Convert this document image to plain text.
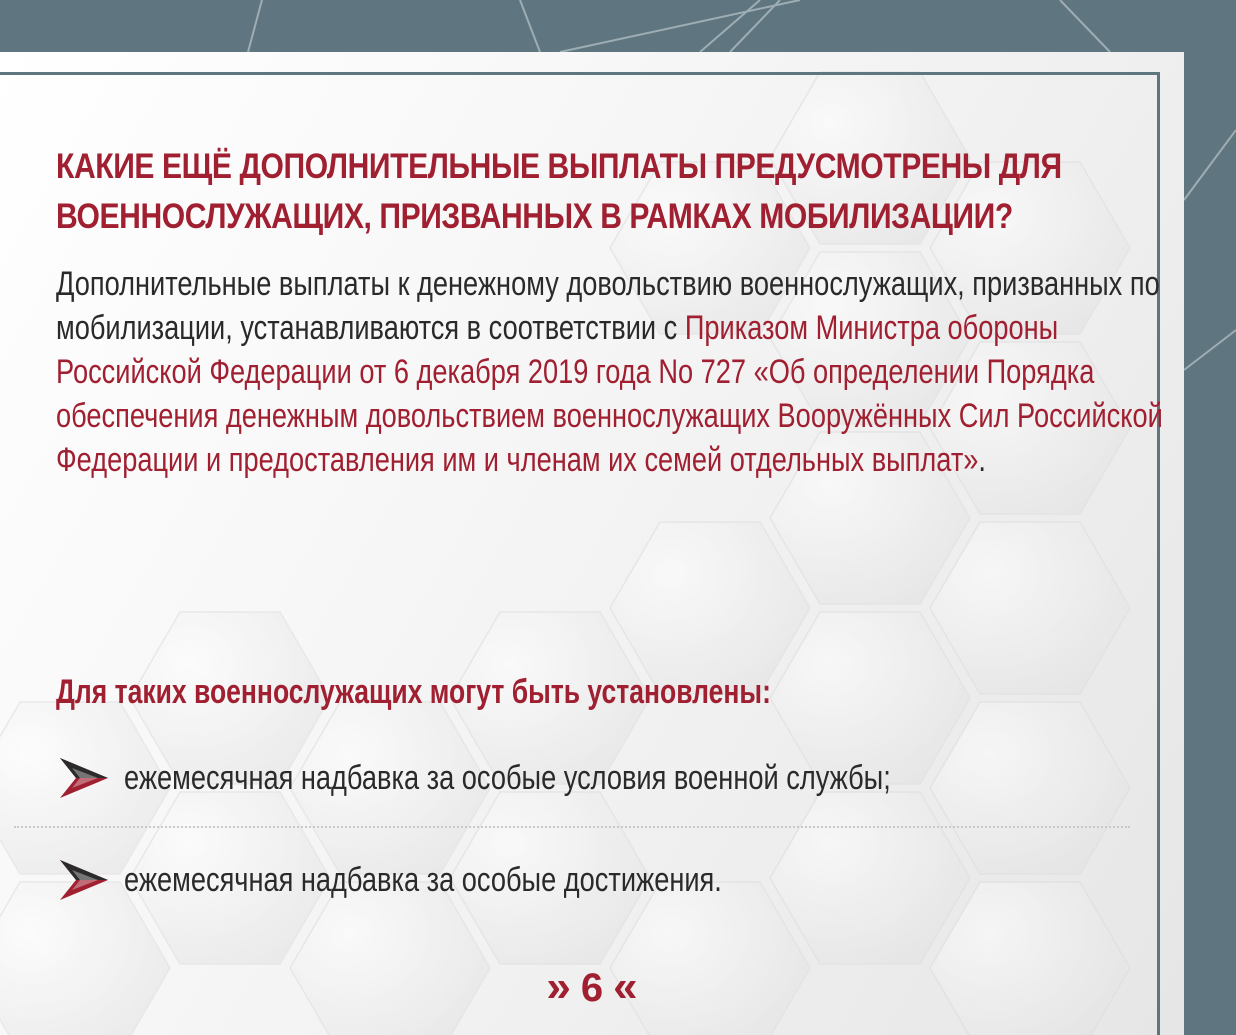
КАКИЕ ЕЩЁ ДОПОЛНИТЕЛЬНЫЕ ВЫПЛАТЫ ПРЕДУСМОТРЕНЫ ДЛЯ ВОЕННОСЛУЖАЩИХ, ПРИЗВАННЫХ В РАМКАХ МОБИЛИЗАЦИИ?

Дополнительные выплаты к денежному довольствию военнослужащих, призванных по мобилизации, устанавливаются в соответствии с Приказом Министра обороны Российской Федерации от 6 декабря 2019 года No 727 «Об определении Порядка обеспечения денежным довольствием военнослужащих Вооружённых Сил Российской Федерации и предоставления им и членам их семей отдельных выплат».

Для таких военнослужащих могут быть установлены:
ежемесячная надбавка за особые условия военной службы;
ежемесячная надбавка за особые достижения.
» 6 «
